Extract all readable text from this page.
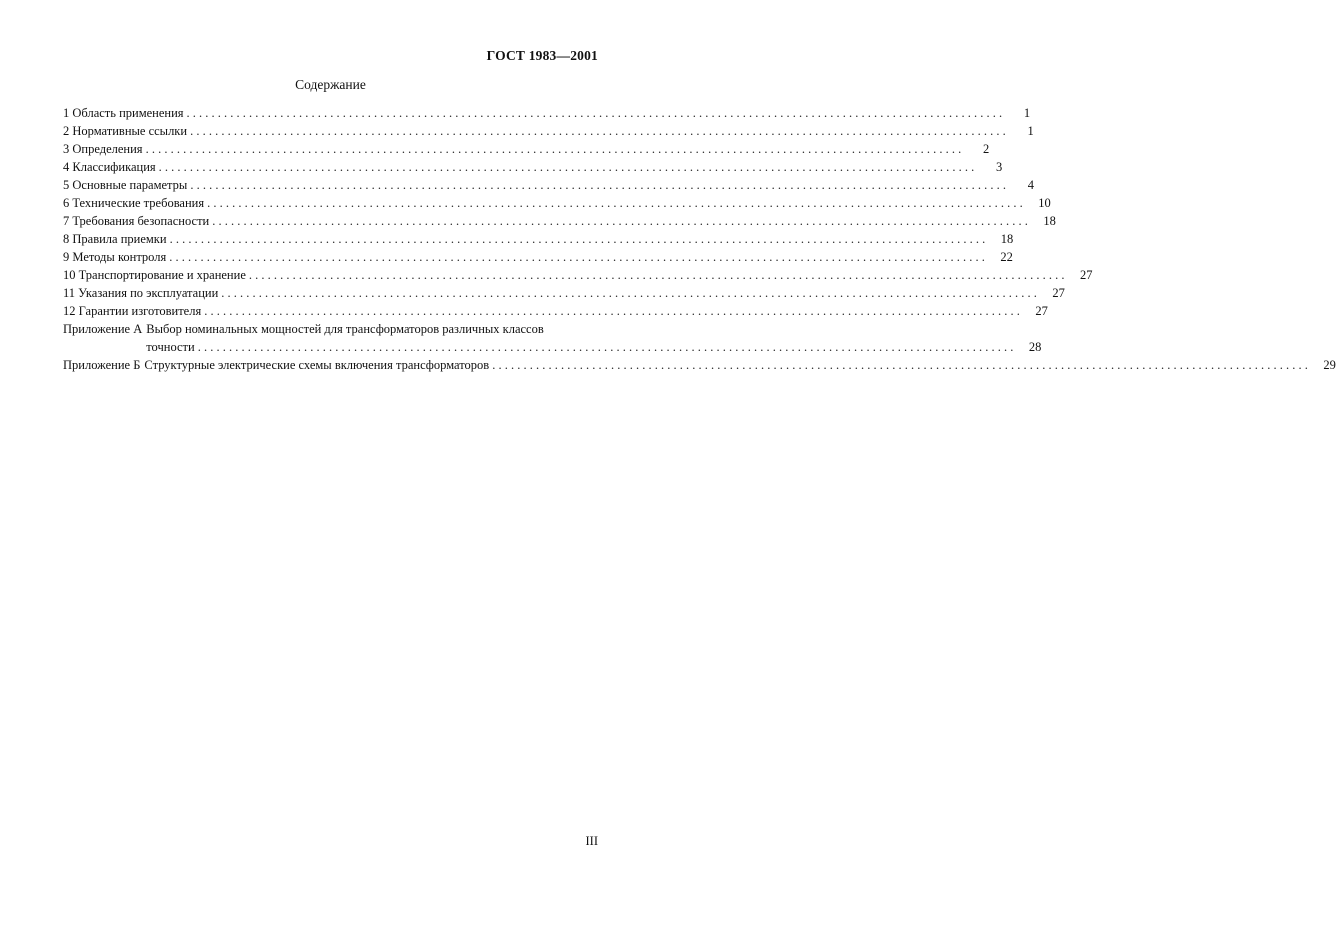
ГОСТ 1983—2001
Содержание
1 Область применения . . .	1
2 Нормативные ссылки . . .	1
3 Определения . . .	2
4 Классификация . . .	3
5 Основные параметры . . .	4
6 Технические требования . . .	10
7 Требования безопасности . . .	18
8 Правила приемки . . .	18
9 Методы контроля . . .	22
10 Транспортирование и хранение . . .	27
11 Указания по эксплуатации . . .	27
12 Гарантии изготовителя . . .	27
Приложение А Выбор номинальных мощностей для трансформаторов различных классов
точности . . .	28
Приложение Б Структурные электрические схемы включения трансформаторов . . .	29
III
